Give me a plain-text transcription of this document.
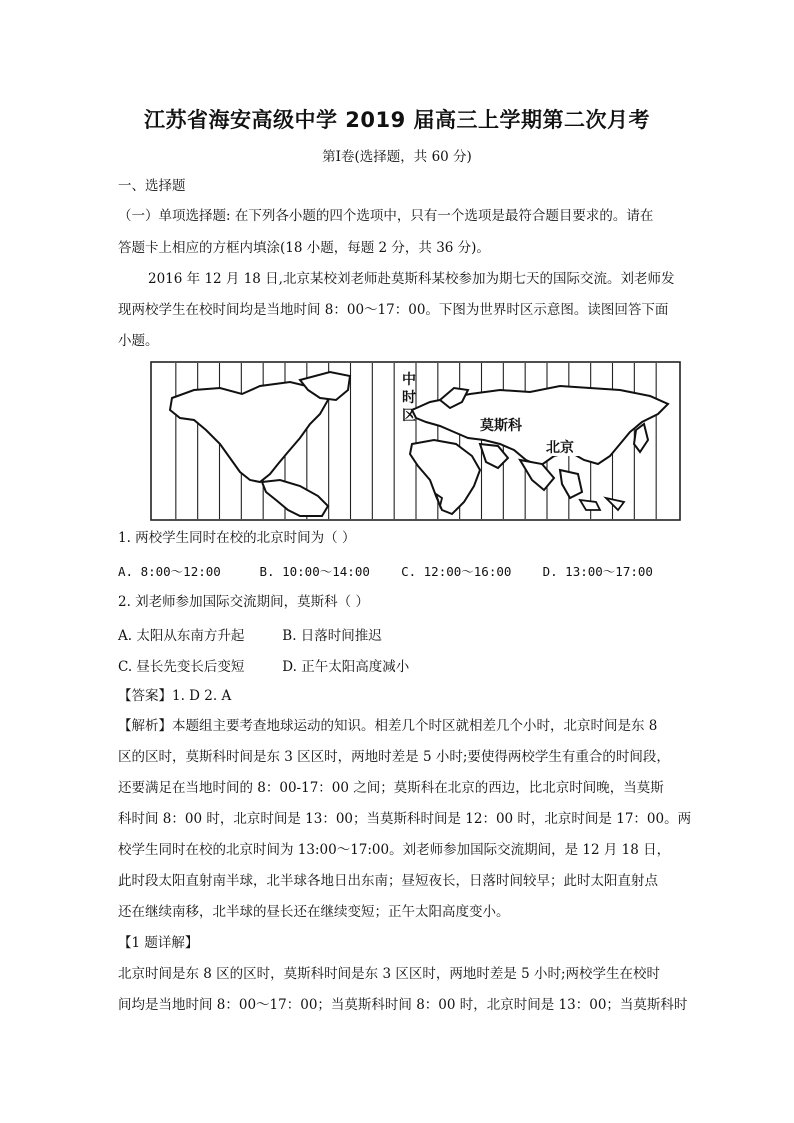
江苏省海安高级中学 2019 届高三上学期第二次月考
第Ⅰ卷(选择题，共 60 分)
一、选择题
（一）单项选择题: 在下列各小题的四个选项中，只有一个选项是最符合题目要求的。请在
答题卡上相应的方框内填涂(18 小题，每题 2 分，共 36 分)。
2016 年 12 月 18 日,北京某校刘老师赴莫斯科某校参加为期七天的国际交流。刘老师发
现两校学生在校时间均是当地时间 8：00～17：00。下图为世界时区示意图。读图回答下面
小题。
中
时
区
莫斯科
北京
1. 两校学生同时在校的北京时间为（ ）
A. 8:00～12:00	B. 10:00～14:00 C. 12:00～16:00 D. 13:00～17:00
2. 刘老师参加国际交流期间，莫斯科（ ）
A. 太阳从东南方升起	B. 日落时间推迟
C. 昼长先变长后变短	D. 正午太阳高度减小
【答案】1. D 2. A
【解析】本题组主要考查地球运动的知识。相差几个时区就相差几个小时，北京时间是东 8
区的区时，莫斯科时间是东 3 区区时，两地时差是 5 小时;要使得两校学生有重合的时间段，
还要满足在当地时间的 8：00-17：00 之间；莫斯科在北京的西边，比北京时间晚，当莫斯
科时间 8：00 时，北京时间是 13：00；当莫斯科时间是 12：00 时，北京时间是 17：00。两
校学生同时在校的北京时间为 13:00～17:00。刘老师参加国际交流期间，是 12 月 18 日，
此时段太阳直射南半球，北半球各地日出东南；昼短夜长，日落时间较早；此时太阳直射点
还在继续南移，北半球的昼长还在继续变短；正午太阳高度变小。
【1 题详解】
北京时间是东 8 区的区时，莫斯科时间是东 3 区区时，两地时差是 5 小时;两校学生在校时
间均是当地时间 8：00～17：00；当莫斯科时间 8：00 时，北京时间是 13：00；当莫斯科时
